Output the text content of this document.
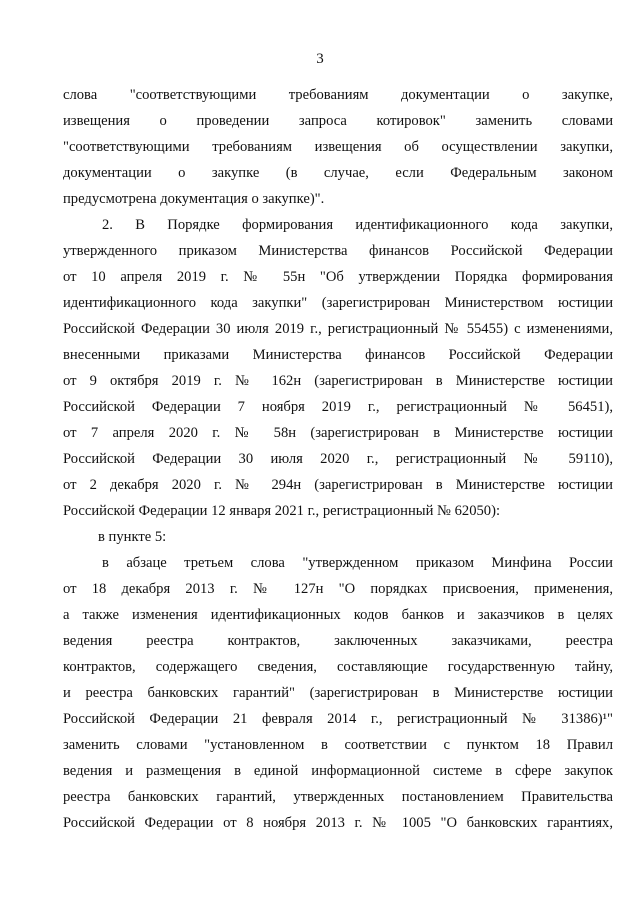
3
слова "соответствующими требованиям документации о закупке,
извещения о проведении запроса котировок" заменить словами
"соответствующими требованиям извещения об осуществлении закупки,
документации о закупке (в случае, если Федеральным законом
предусмотрена документация о закупке)".
2. В Порядке формирования идентификационного кода закупки,
утвержденного приказом Министерства финансов Российской Федерации
от 10 апреля 2019 г. № 55н "Об утверждении Порядка формирования
идентификационного кода закупки" (зарегистрирован Министерством юстиции
Российской Федерации 30 июля 2019 г., регистрационный № 55455) с изменениями,
внесенными приказами Министерства финансов Российской Федерации
от 9 октября 2019 г. № 162н (зарегистрирован в Министерстве юстиции
Российской Федерации 7 ноября 2019 г., регистрационный № 56451),
от 7 апреля 2020 г. № 58н (зарегистрирован в Министерстве юстиции
Российской Федерации 30 июля 2020 г., регистрационный № 59110),
от 2 декабря 2020 г. № 294н (зарегистрирован в Министерстве юстиции
Российской Федерации 12 января 2021 г., регистрационный № 62050):
в пункте 5:
в абзаце третьем слова "утвержденном приказом Минфина России
от 18 декабря 2013 г. № 127н "О порядках присвоения, применения,
а также изменения идентификационных кодов банков и заказчиков в целях
ведения реестра контрактов, заключенных заказчиками, реестра
контрактов, содержащего сведения, составляющие государственную тайну,
и реестра банковских гарантий" (зарегистрирован в Министерстве юстиции
Российской Федерации 21 февраля 2014 г., регистрационный № 31386)¹"
заменить словами "установленном в соответствии с пунктом 18 Правил
ведения и размещения в единой информационной системе в сфере закупок
реестра банковских гарантий, утвержденных постановлением Правительства
Российской Федерации от 8 ноября 2013 г. № 1005 "О банковских гарантиях,
